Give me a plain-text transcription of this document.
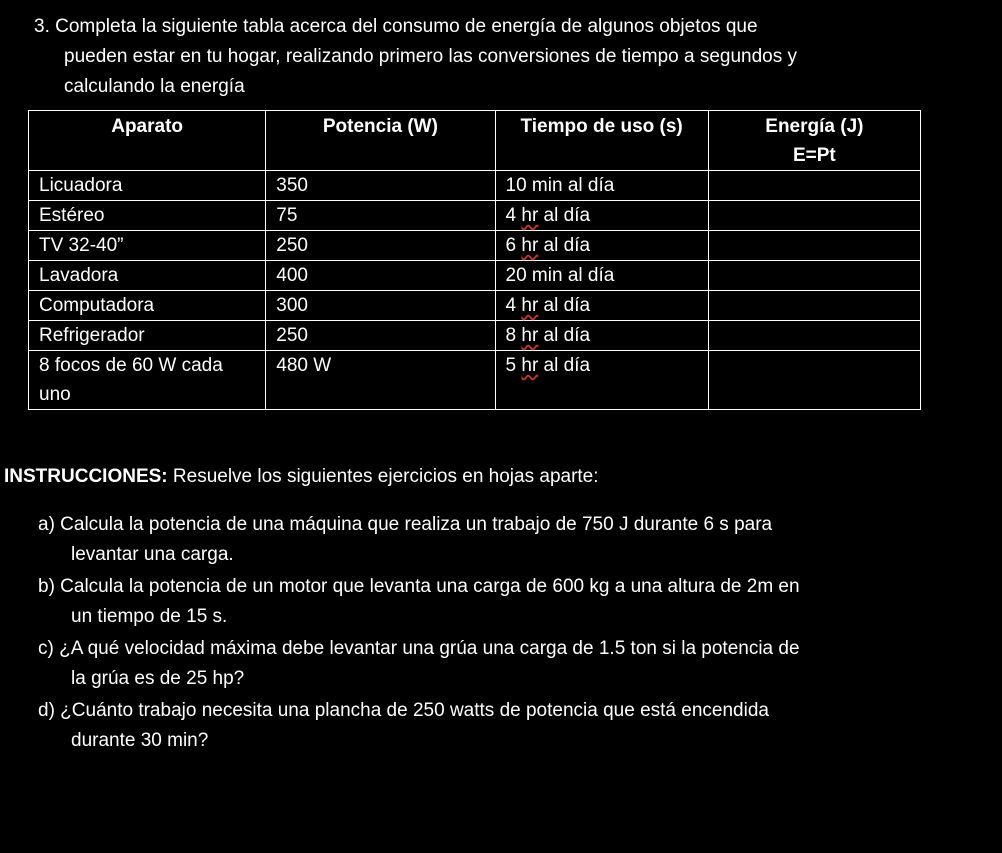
3. Completa la siguiente tabla acerca del consumo de energía de algunos objetos que
pueden estar en tu hogar, realizando primero las conversiones de tiempo a segundos y
calculando la energía
Aparato	Potencia (W)	Tiempo de uso (s)	Energía (J)
E=Pt

Licuadora	350	10 min al día	
Estéreo	75	4 hr al día	
TV 32-40”	250	6 hr al día	
Lavadora	400	20 min al día	
Computadora	300	4 hr al día	
Refrigerador	250	8 hr al día	

8 focos de 60 W cada
uno	480 W	5 hr al día	
INSTRUCCIONES: Resuelve los siguientes ejercicios en hojas aparte:
a) Calcula la potencia de una máquina que realiza un trabajo de 750 J durante 6 s para
levantar una carga.
b) Calcula la potencia de un motor que levanta una carga de 600 kg a una altura de 2m en
un tiempo de 15 s.
c) ¿A qué velocidad máxima debe levantar una grúa una carga de 1.5 ton si la potencia de
la grúa es de 25 hp?
d) ¿Cuánto trabajo necesita una plancha de 250 watts de potencia que está encendida
durante 30 min?
